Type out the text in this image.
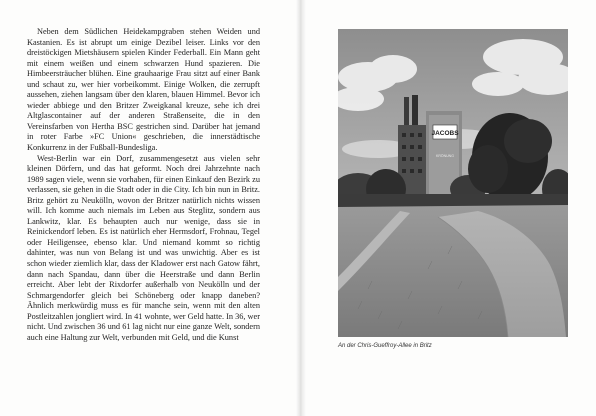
Neben dem Südlichen Heidekampgraben stehen Weiden und Kastanien. Es ist abrupt um einige Dezibel leiser. Links vor den dreistöckigen Mietshäusern spielen Kinder Federball. Ein Mann geht mit einem weißen und einem schwarzen Hund spazieren. Die Himbeersträucher blühen. Eine grauhaarige Frau sitzt auf einer Bank und schaut zu, wer hier vorbeikommt. Einige Wolken, die zerrupft aussehen, ziehen langsam über den klaren, blauen Himmel. Bevor ich wieder abbiege und den Britzer Zweigkanal kreuze, sehe ich drei Altglascontainer auf der anderen Straßenseite, die in den Vereinsfarben von Hertha BSC gestrichen sind. Darüber hat jemand in roter Farbe »FC Union« geschrieben, die innerstädtische Konkurrenz in der Fußball-Bundesliga.

West-Berlin war ein Dorf, zusammengesetzt aus vielen sehr kleinen Dörfern, und das hat geformt. Noch drei Jahrzehnte nach 1989 sagen viele, wenn sie vorhaben, für einen Einkauf den Bezirk zu verlassen, sie gehen in die Stadt oder in die City. Ich bin nun in Britz. Britz gehört zu Neukölln, wovon der Britzer natürlich nichts wissen will. Ich komme auch niemals im Leben aus Steglitz, sondern aus Lankwitz, klar. Es behaupten auch nur wenige, dass sie in Reinickendorf leben. Es ist natürlich eher Hermsdorf, Frohnau, Tegel oder Heiligensee, ebenso klar. Und niemand kommt so richtig dahinter, was nun von Belang ist und was unwichtig. Aber es ist schon wieder ziemlich klar, dass der Kladower erst nach Gatow fährt, dann nach Spandau, dann über die Heerstraße und dann Berlin erreicht. Aber lebt der Rixdorfer außerhalb von Neukölln und der Schmargendorfer gleich bei Schöneberg oder knapp daneben? Ähnlich merkwürdig muss es für manche sein, wenn mit den alten Postleitzahlen jongliert wird. In 41 wohnte, wer Geld hatte. In 36, wer nicht. Und zwischen 36 und 61 lag nicht nur eine ganze Welt, sondern auch eine Haltung zur Welt, verbunden mit Geld, und die Kunst

JACOBS
KRÖNUNG
An der Chris-Gueffroy-Allee in Britz
